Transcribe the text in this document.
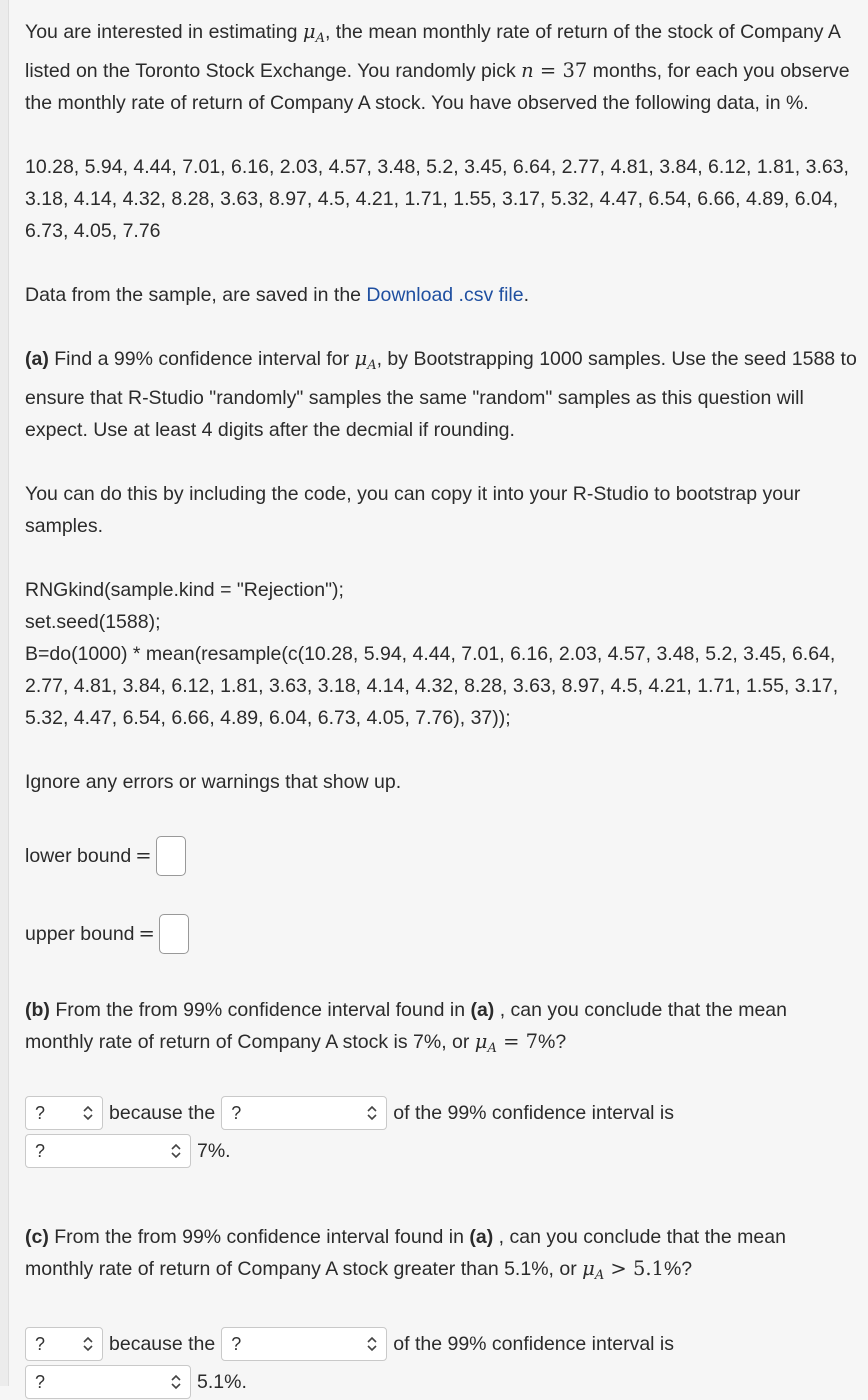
You are interested in estimating $\mu_A$, the mean monthly rate of return of the stock of Company A listed on the Toronto Stock Exchange. You randomly pick n = 37 months, for each you observe the monthly rate of return of Company A stock. You have observed the following data, in %.

10.28, 5.94, 4.44, 7.01, 6.16, 2.03, 4.57, 3.48, 5.2, 3.45, 6.64, 2.77, 4.81, 3.84, 6.12, 1.81, 3.63, 3.18, 4.14, 4.32, 8.28, 3.63, 8.97, 4.5, 4.21, 1.71, 1.55, 3.17, 5.32, 4.47, 6.54, 6.66, 4.89, 6.04, 6.73, 4.05, 7.76

Data from the sample, are saved in the Download .csv file.

(a) Find a 99% confidence interval for $\mu_A$, by Bootstrapping 1000 samples. Use the seed 1588 to ensure that R-Studio "randomly" samples the same "random" samples as this question will expect. Use at least 4 digits after the decmial if rounding.

You can do this by including the code, you can copy it into your R-Studio to bootstrap your samples.

RNGkind(sample.kind = "Rejection");

set.seed(1588);

B=do(1000) * mean(resample(c(10.28, 5.94, 4.44, 7.01, 6.16, 2.03, 4.57, 3.48, 5.2, 3.45, 6.64, 2.77, 4.81, 3.84, 6.12, 1.81, 3.63, 3.18, 4.14, 4.32, 8.28, 3.63, 8.97, 4.5, 4.21, 1.71, 1.55, 3.17, 5.32, 4.47, 6.54, 6.66, 4.89, 6.04, 6.73, 4.05, 7.76), 37));

Ignore any errors or warnings that show up.

lower bound =
upper bound =

(b) From the from 99% confidence interval found in (a) , can you conclude that the mean monthly rate of return of Company A stock is 7%, or $\mu_A = 7\%$?

?	because the ?	of the 99% confidence interval is
?	7%.

(c) From the from 99% confidence interval found in (a) , can you conclude that the mean monthly rate of return of Company A stock greater than 5.1%, or $\mu_A > 5.1\%$?

?	because the ?	of the 99% confidence interval is
?	5.1%.
